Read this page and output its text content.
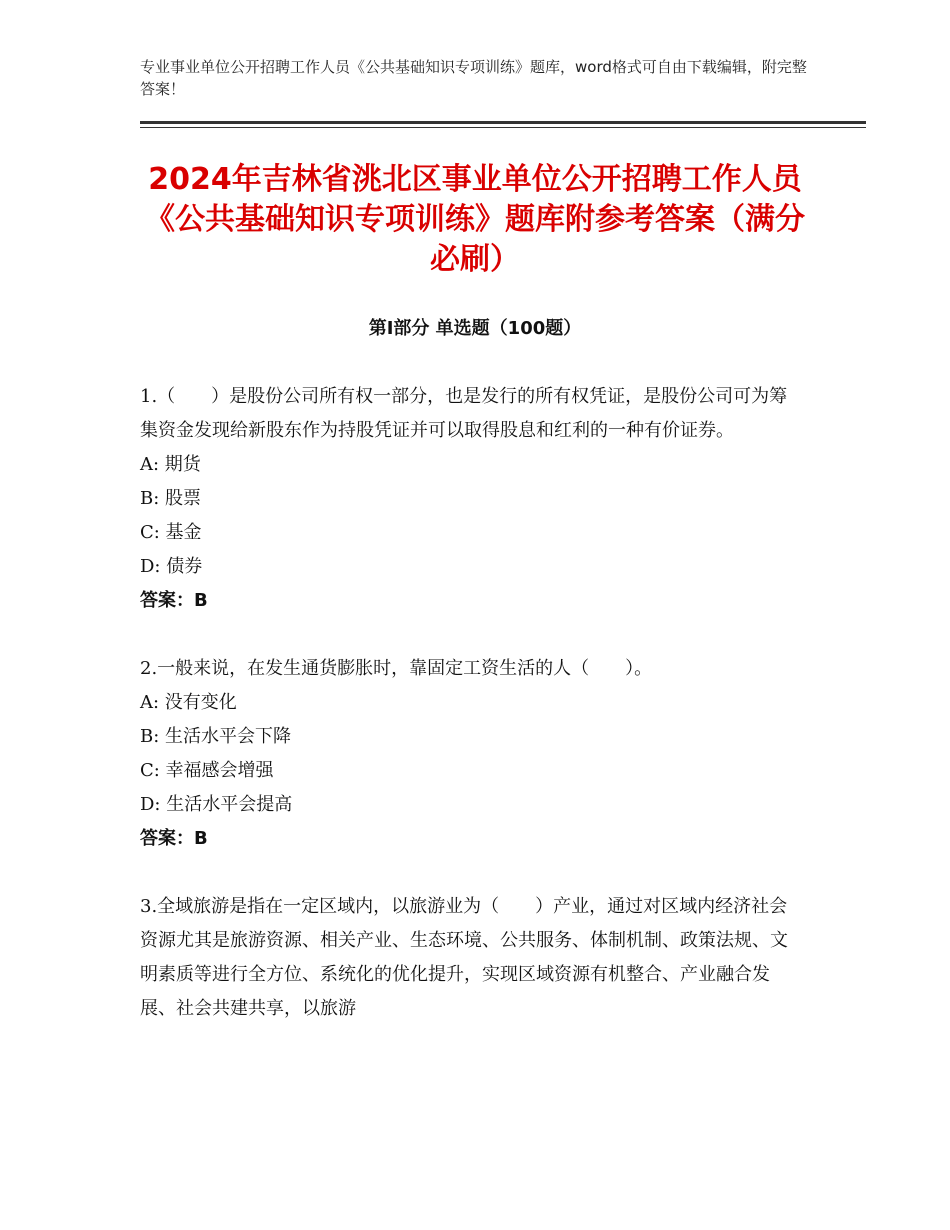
专业事业单位公开招聘工作人员《公共基础知识专项训练》题库，word格式可自由下载编辑，附完整答案！
2024年吉林省洮北区事业单位公开招聘工作人员《公共基础知识专项训练》题库附参考答案（满分必刷）
第Ⅰ部分 单选题（100题）

1.（　　）是股份公司所有权一部分，也是发行的所有权凭证，是股份公司可为筹集资金发现给新股东作为持股凭证并可以取得股息和红利的一种有价证券。

A: 期货

B: 股票

C: 基金

D: 债券

答案：B

2.一般来说，在发生通货膨胀时，靠固定工资生活的人（　　）。

A: 没有变化

B: 生活水平会下降

C: 幸福感会增强

D: 生活水平会提高

答案：B

3.全域旅游是指在一定区域内，以旅游业为（　　）产业，通过对区域内经济社会资源尤其是旅游资源、相关产业、生态环境、公共服务、体制机制、政策法规、文明素质等进行全方位、系统化的优化提升，实现区域资源有机整合、产业融合发展、社会共建共享，以旅游
